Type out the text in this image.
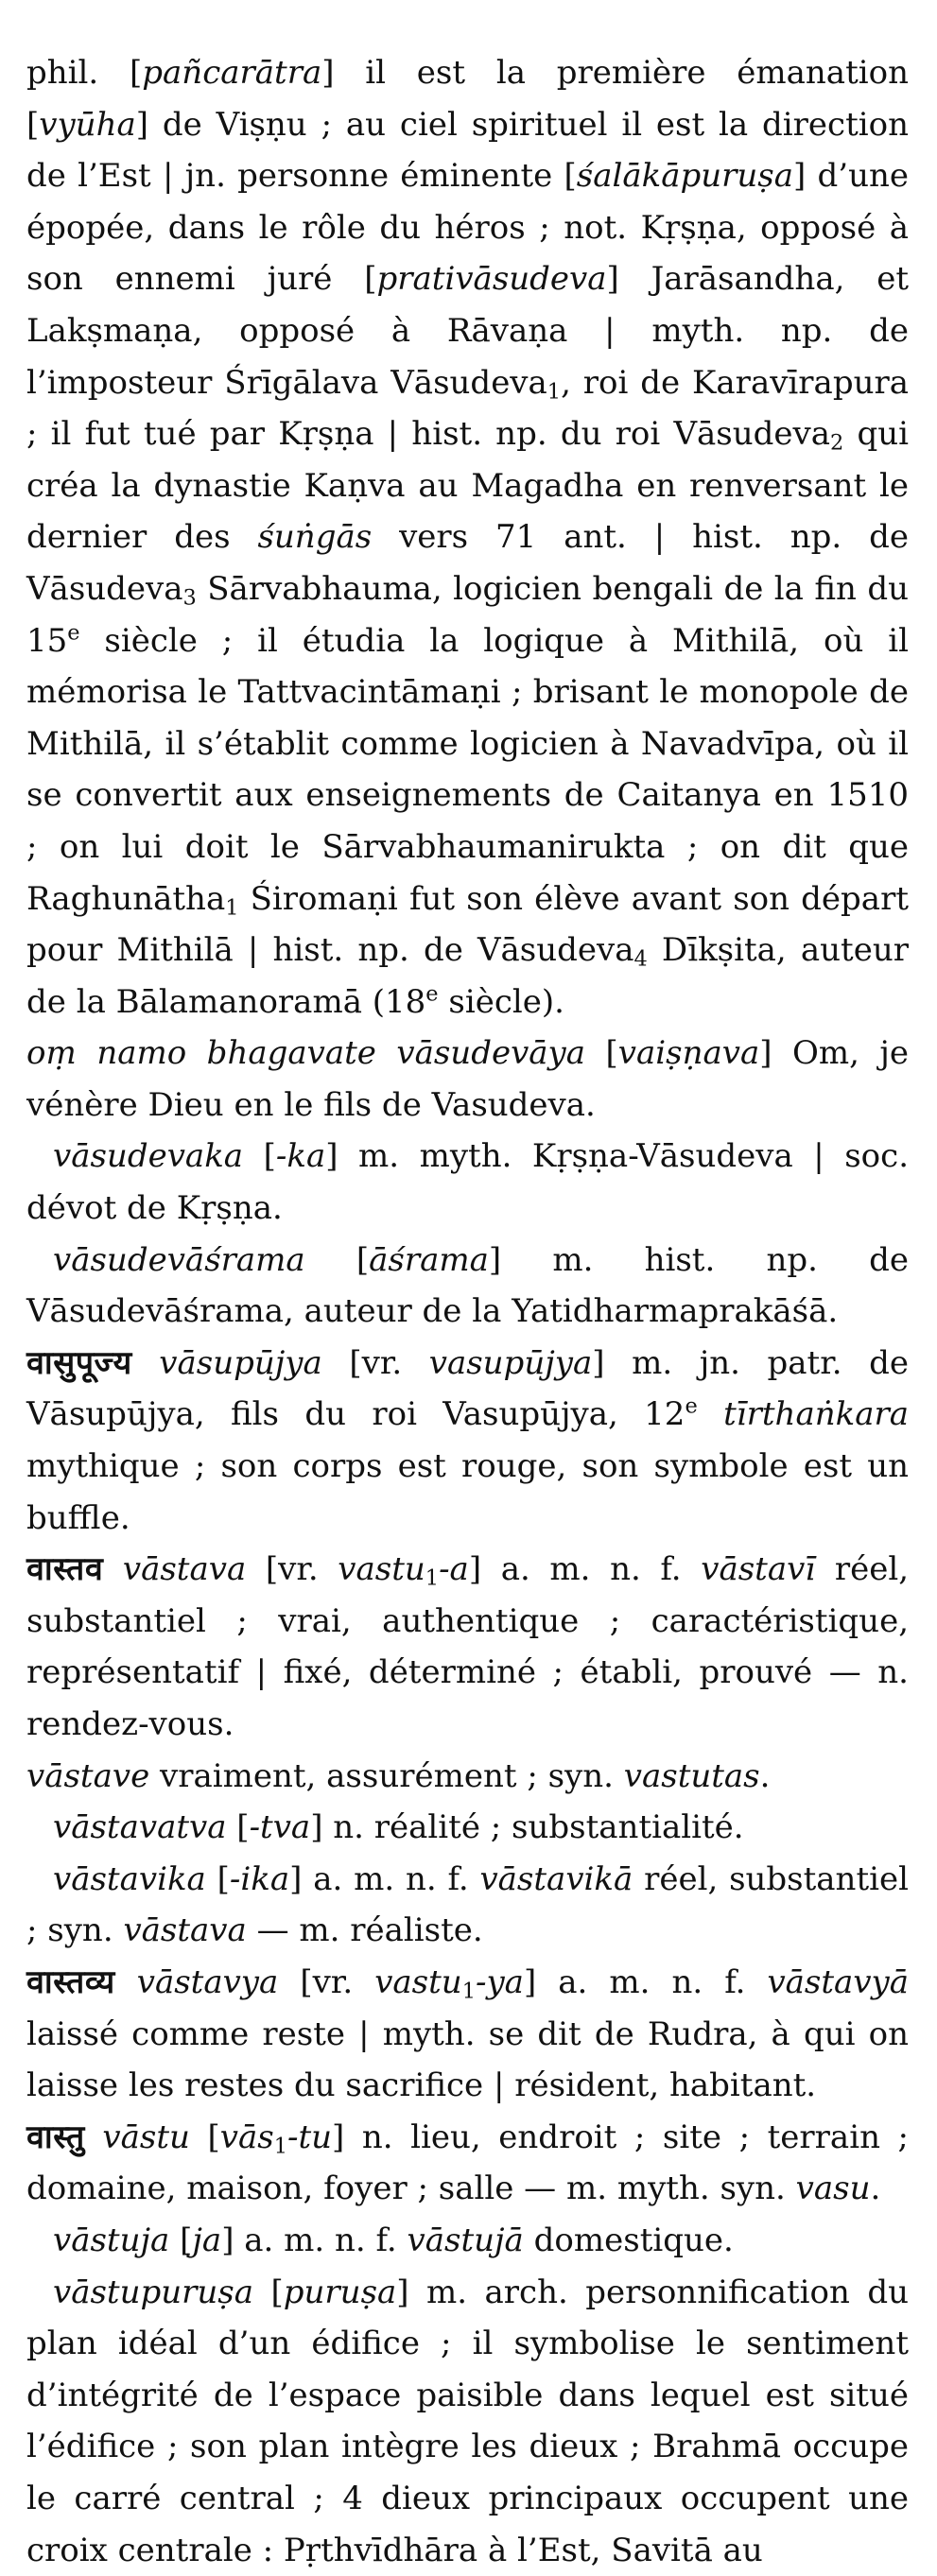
phil. [pañcarātra] il est la première émanation [vyūha] de Viṣṇu ; au ciel spirituel il est la direction de l’Est | jn. personne éminente [śalākāpuruṣa] d’une épopée, dans le rôle du héros ; not. Kṛṣṇa, opposé à son ennemi juré [prativāsudeva] Jarāsandha, et Lakṣmaṇa, opposé à Rāvaṇa | myth. np. de l’imposteur Śrīgālava Vāsudeva$_1$, roi de Karavīrapura ; il fut tué par Kṛṣṇa | hist. np. du roi Vāsudeva$_2$ qui créa la dynastie Kaṇva au Magadha en renversant le dernier des śuṅgās vers 71 ant. | hist. np. de Vāsudeva$_3$ Sārvabhauma, logicien bengali de la fin du 15e siècle ; il étudia la logique à Mithilā, où il mémorisa le Tattvacintāmaṇi ; brisant le monopole de Mithilā, il s’établit comme logicien à Navadvīpa, où il se convertit aux enseignements de Caitanya en 1510 ; on lui doit le Sārvabhaumanirukta ; on dit que Raghunātha$_1$ Śiromaṇi fut son élève avant son départ pour Mithilā | hist. np. de Vāsudeva$_4$ Dīkṣita, auteur de la Bālamanoramā (18e siècle).

oṃ namo bhagavate vāsudevāya [vaiṣṇava] Om, je vénère Dieu en le fils de Vasudeva.

vāsudevaka [-ka] m. myth. Kṛṣṇa-Vāsudeva | soc. dévot de Kṛṣṇa.

vāsudevāśrama [āśrama] m. hist. np. de Vāsudevāśrama, auteur de la Yatidharmaprakāśā.

वासुपूज्य vāsupūjya [vr. vasupūjya] m. jn. patr. de Vāsupūjya, fils du roi Vasupūjya, 12e tīrthaṅkara mythique ; son corps est rouge, son symbole est un buffle.

वास्तव vāstava [vr. vastu$_1$-a] a. m. n. f. vāstavī réel, substantiel ; vrai, authentique ; caractéristique, représentatif | fixé, déterminé ; établi, prouvé — n. rendez-vous.

vāstave vraiment, assurément ; syn. vastutas.

vāstavatva [-tva] n. réalité ; substantialité.

vāstavika [-ika] a. m. n. f. vāstavikā réel, substantiel ; syn. vāstava — m. réaliste.

वास्तव्य vāstavya [vr. vastu$_1$-ya] a. m. n. f. vāstavyā laissé comme reste | myth. se dit de Rudra, à qui on laisse les restes du sacrifice | résident, habitant.

वास्तु vāstu [vās$_1$-tu] n. lieu, endroit ; site ; terrain ; domaine, maison, foyer ; salle — m. myth. syn. vasu.

vāstuja [ja] a. m. n. f. vāstujā domestique.

vāstupuruṣa [puruṣa] m. arch. personnification du plan idéal d’un édifice ; il symbolise le sentiment d’intégrité de l’espace paisible dans lequel est situé l’édifice ; son plan intègre les dieux ; Brahmā occupe le carré central ; 4 dieux principaux occupent une croix centrale : Pṛthvīdhāra à l’Est, Savitā au
